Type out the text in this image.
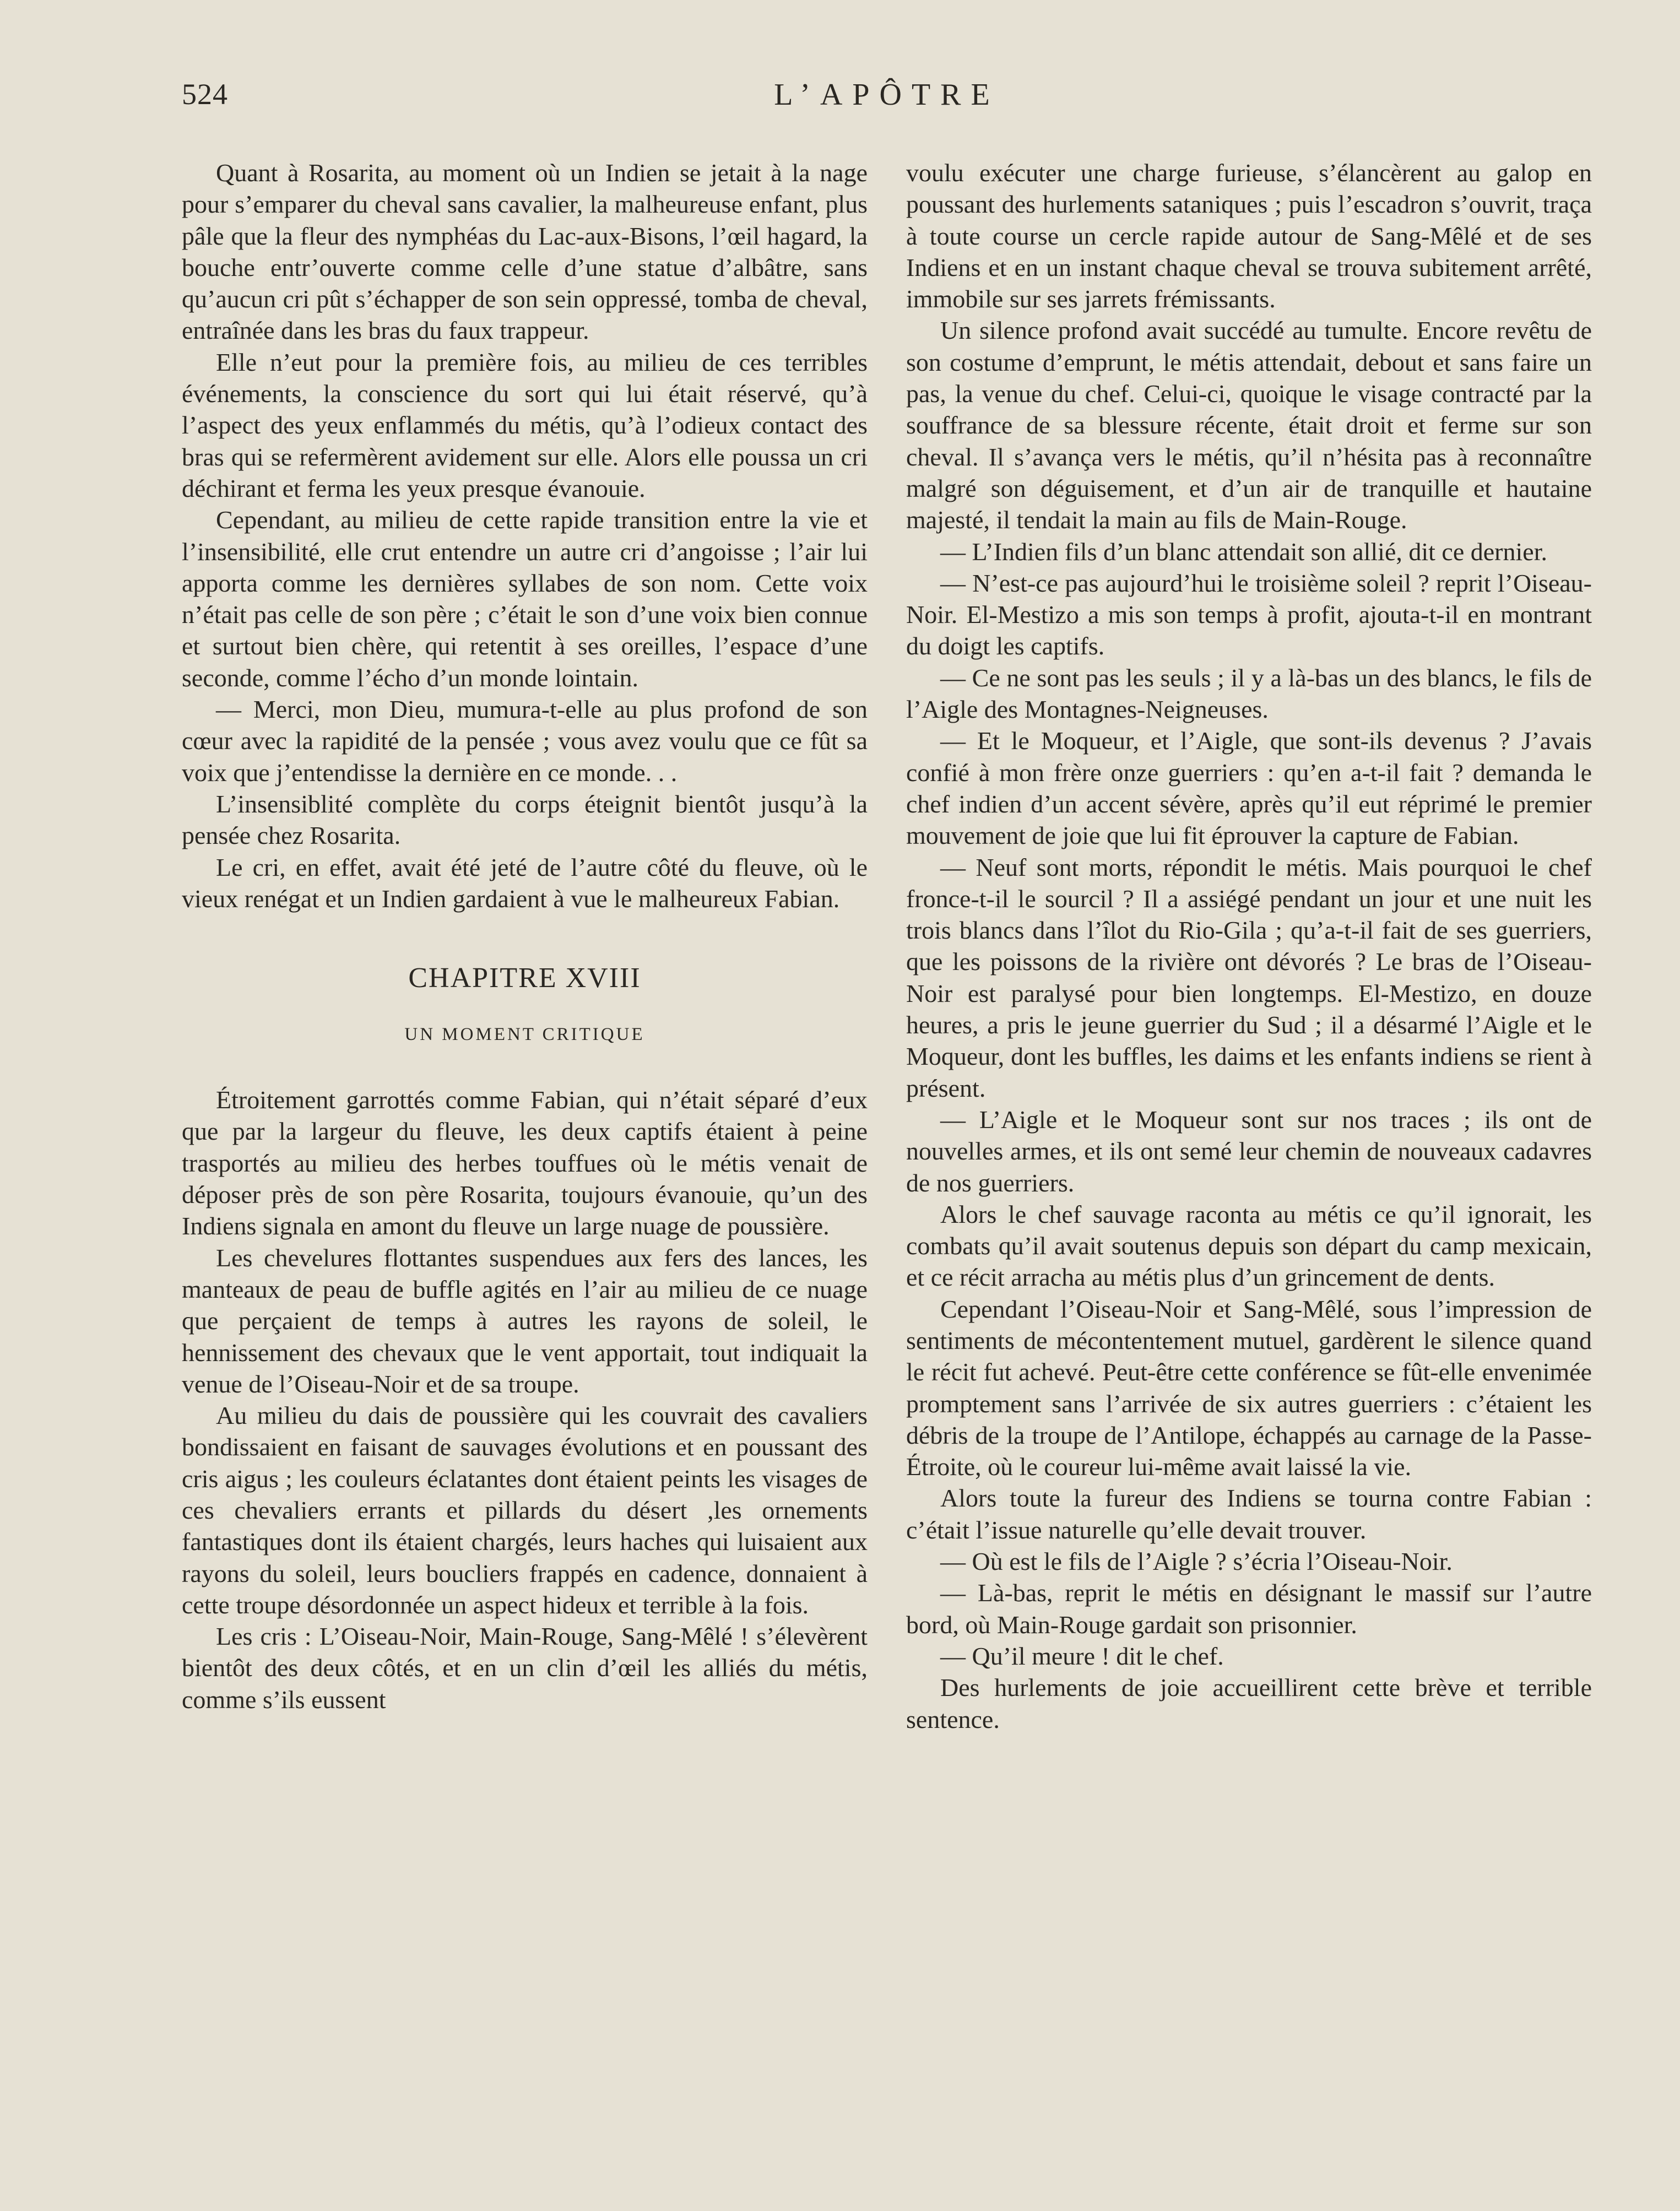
524	L’APÔTRE

Quant à Rosarita, au moment où un Indien se jetait à la nage pour s’emparer du cheval sans cavalier, la malheureuse enfant, plus pâle que la fleur des nymphéas du Lac-aux-Bisons, l’œil hagard, la bouche entr’ouverte comme celle d’une statue d’albâtre, sans qu’aucun cri pût s’échapper de son sein oppressé, tomba de cheval, entraînée dans les bras du faux trappeur.

Elle n’eut pour la première fois, au milieu de ces terribles événements, la conscience du sort qui lui était réservé, qu’à l’aspect des yeux enflammés du métis, qu’à l’odieux contact des bras qui se refermèrent avidement sur elle. Alors elle poussa un cri déchirant et ferma les yeux presque évanouie.

Cependant, au milieu de cette rapide transition entre la vie et l’insensibilité, elle crut entendre un autre cri d’angoisse ; l’air lui apporta comme les dernières syllabes de son nom. Cette voix n’était pas celle de son père ; c’était le son d’une voix bien connue et surtout bien chère, qui retentit à ses oreilles, l’espace d’une seconde, comme l’écho d’un monde lointain.

— Merci, mon Dieu, mumura-t-elle au plus profond de son cœur avec la rapidité de la pensée ; vous avez voulu que ce fût sa voix que j’entendisse la dernière en ce monde. . .

L’insensiblité complète du corps éteignit bientôt jusqu’à la pensée chez Rosarita.

Le cri, en effet, avait été jeté de l’autre côté du fleuve, où le vieux renégat et un Indien gardaient à vue le malheureux Fabian.

CHAPITRE XVIII
UN MOMENT CRITIQUE

Étroitement garrottés comme Fabian, qui n’était séparé d’eux que par la largeur du fleuve, les deux captifs étaient à peine trasportés au milieu des herbes touffues où le métis venait de déposer près de son père Rosarita, toujours évanouie, qu’un des Indiens signala en amont du fleuve un large nuage de poussière.

Les chevelures flottantes suspendues aux fers des lances, les manteaux de peau de buffle agités en l’air au milieu de ce nuage que perçaient de temps à autres les rayons de soleil, le hennissement des chevaux que le vent apportait, tout indiquait la venue de l’Oiseau-Noir et de sa troupe.

Au milieu du dais de poussière qui les couvrait des cavaliers bondissaient en faisant de sauvages évolutions et en poussant des cris aigus ; les couleurs éclatantes dont étaient peints les visages de ces chevaliers errants et pillards du désert ,les ornements fantastiques dont ils étaient chargés, leurs haches qui luisaient aux rayons du soleil, leurs boucliers frappés en cadence, donnaient à cette troupe désordonnée un aspect hideux et terrible à la fois.

Les cris : L’Oiseau-Noir, Main-Rouge, Sang-Mêlé ! s’élevèrent bientôt des deux côtés, et en un clin d’œil les alliés du métis, comme s’ils eussent

voulu exécuter une charge furieuse, s’élancèrent au galop en poussant des hurlements sataniques ; puis l’escadron s’ouvrit, traça à toute course un cercle rapide autour de Sang-Mêlé et de ses Indiens et en un instant chaque cheval se trouva subitement arrêté, immobile sur ses jarrets frémissants.

Un silence profond avait succédé au tumulte. Encore revêtu de son costume d’emprunt, le métis attendait, debout et sans faire un pas, la venue du chef. Celui-ci, quoique le visage contracté par la souffrance de sa blessure récente, était droit et ferme sur son cheval. Il s’avança vers le métis, qu’il n’hésita pas à reconnaître malgré son déguisement, et d’un air de tranquille et hautaine majesté, il tendait la main au fils de Main-Rouge.

— L’Indien fils d’un blanc attendait son allié, dit ce dernier.

— N’est-ce pas aujourd’hui le troisième soleil ? reprit l’Oiseau-Noir. El-Mestizo a mis son temps à profit, ajouta-t-il en montrant du doigt les captifs.

— Ce ne sont pas les seuls ; il y a là-bas un des blancs, le fils de l’Aigle des Montagnes-Neigneuses.

— Et le Moqueur, et l’Aigle, que sont-ils devenus ? J’avais confié à mon frère onze guerriers : qu’en a-t-il fait ? demanda le chef indien d’un accent sévère, après qu’il eut réprimé le premier mouvement de joie que lui fit éprouver la capture de Fabian.

— Neuf sont morts, répondit le métis. Mais pourquoi le chef fronce-t-il le sourcil ? Il a assiégé pendant un jour et une nuit les trois blancs dans l’îlot du Rio-Gila ; qu’a-t-il fait de ses guerriers, que les poissons de la rivière ont dévorés ? Le bras de l’Oiseau-Noir est paralysé pour bien longtemps. El-Mestizo, en douze heures, a pris le jeune guerrier du Sud ; il a désarmé l’Aigle et le Moqueur, dont les buffles, les daims et les enfants indiens se rient à présent.

— L’Aigle et le Moqueur sont sur nos traces ; ils ont de nouvelles armes, et ils ont semé leur chemin de nouveaux cadavres de nos guerriers.

Alors le chef sauvage raconta au métis ce qu’il ignorait, les combats qu’il avait soutenus depuis son départ du camp mexicain, et ce récit arracha au métis plus d’un grincement de dents.

Cependant l’Oiseau-Noir et Sang-Mêlé, sous l’impression de sentiments de mécontentement mutuel, gardèrent le silence quand le récit fut achevé. Peut-être cette conférence se fût-elle envenimée promptement sans l’arrivée de six autres guerriers : c’étaient les débris de la troupe de l’Antilope, échappés au carnage de la Passe-Étroite, où le coureur lui-même avait laissé la vie.

Alors toute la fureur des Indiens se tourna contre Fabian : c’était l’issue naturelle qu’elle devait trouver.

— Où est le fils de l’Aigle ? s’écria l’Oiseau-Noir.

— Là-bas, reprit le métis en désignant le massif sur l’autre bord, où Main-Rouge gardait son prisonnier.

— Qu’il meure ! dit le chef.

Des hurlements de joie accueillirent cette brève et terrible sentence.
